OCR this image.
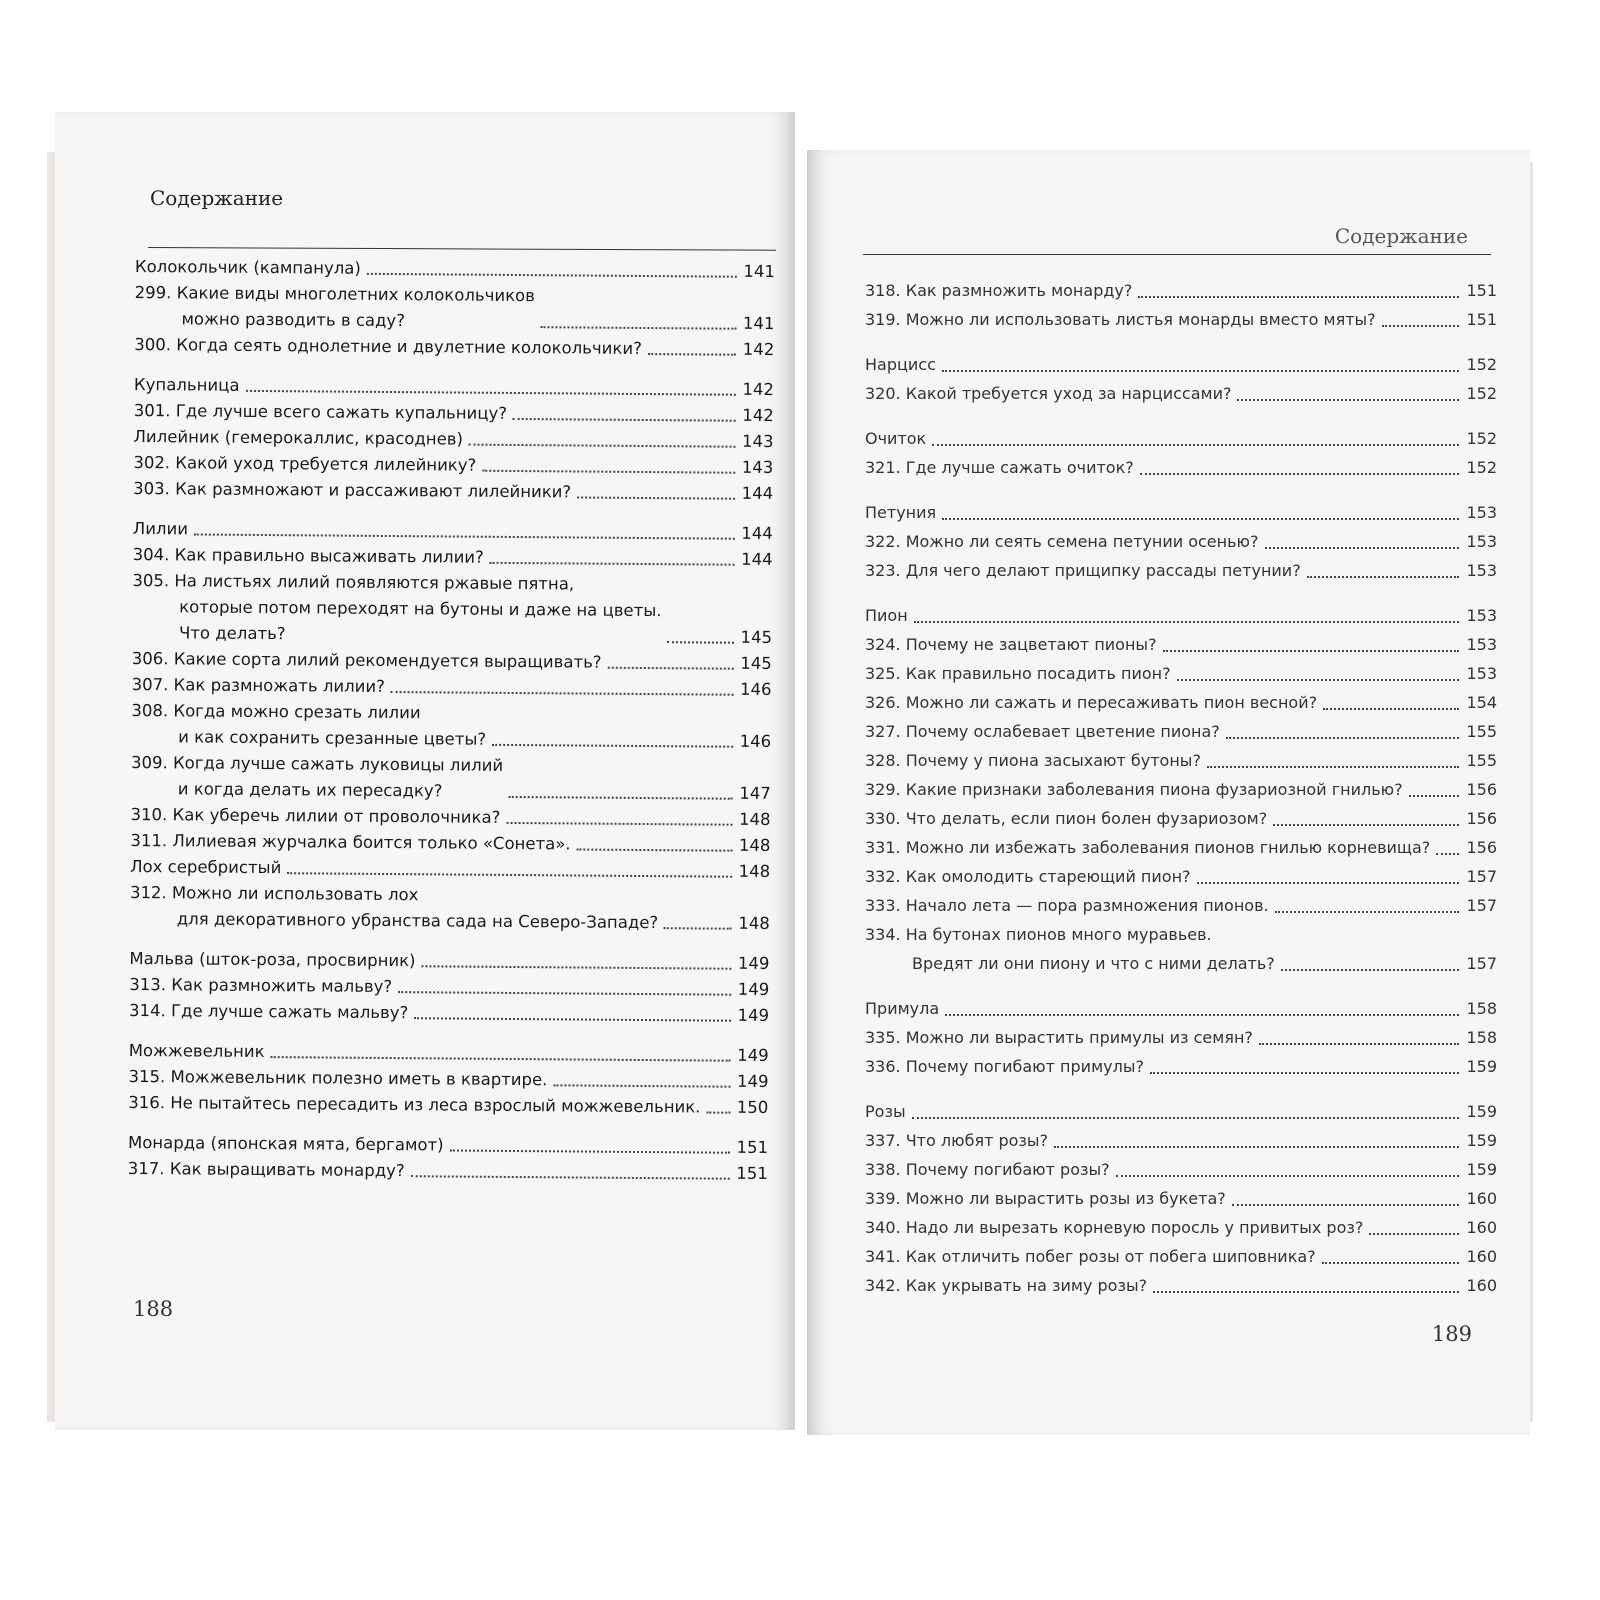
Содержание
Колокольчик (кампанула)	141
299. Какие виды многолетних колокольчиков
можно разводить в саду?	141
300. Когда сеять однолетние и двулетние колокольчики?	142
Купальница	142
301. Где лучше всего сажать купальницу?	142
Лилейник (гемерокаллис, красоднев)	143
302. Какой уход требуется лилейнику?	143
303. Как размножают и рассаживают лилейники?	144
Лилии	144
304. Как правильно высаживать лилии?	144
305. На листьях лилий появляются ржавые пятна,
которые потом переходят на бутоны и даже на цветы.
Что делать?	145
306. Какие сорта лилий рекомендуется выращивать?	145
307. Как размножать лилии?	146
308. Когда можно срезать лилии
и как сохранить срезанные цветы?	146
309. Когда лучше сажать луковицы лилий
и когда делать их пересадку?	147
310. Как уберечь лилии от проволочника?	148
311. Лилиевая журчалка боится только «Сонета».	148
Лох серебристый	148
312. Можно ли использовать лох
для декоративного убранства сада на Северо-Западе?	148
Мальва (шток-роза, просвирник)	149
313. Как размножить мальву?	149
314. Где лучше сажать мальву?	149
Можжевельник	149
315. Можжевельник полезно иметь в квартире.	149
316. Не пытайтесь пересадить из леса взрослый можжевельник. 150
Монарда (японская мята, бергамот)	151
317. Как выращивать монарду?	151
188
Содержание
318. Как размножить монарду?	151
319. Можно ли использовать листья монарды вместо мяты?	151
Нарцисс	152
320. Какой требуется уход за нарциссами?	152
Очиток	152
321. Где лучше сажать очиток?	152
Петуния	153
322. Можно ли сеять семена петунии осенью?	153
323. Для чего делают прищипку рассады петунии?	153
Пион	153
324. Почему не зацветают пионы?	153
325. Как правильно посадить пион?	153
326. Можно ли сажать и пересаживать пион весной?	154
327. Почему ослабевает цветение пиона?	155
328. Почему у пиона засыхают бутоны?	155
329. Какие признаки заболевания пиона фузариозной гнилью?	156
330. Что делать, если пион болен фузариозом?	156
331. Можно ли избежать заболевания пионов гнилью корневища? 156
332. Как омолодить стареющий пион?	157
333. Начало лета — пора размножения пионов.	157
334. На бутонах пионов много муравьев.
Вредят ли они пиону и что с ними делать?	157
Примула	158
335. Можно ли вырастить примулы из семян?	158
336. Почему погибают примулы?	159
Розы	159
337. Что любят розы?	159
338. Почему погибают розы?	159
339. Можно ли вырастить розы из букета?	160
340. Надо ли вырезать корневую поросль у привитых роз?	160
341. Как отличить побег розы от побега шиповника?	160
342. Как укрывать на зиму розы?	160
189
